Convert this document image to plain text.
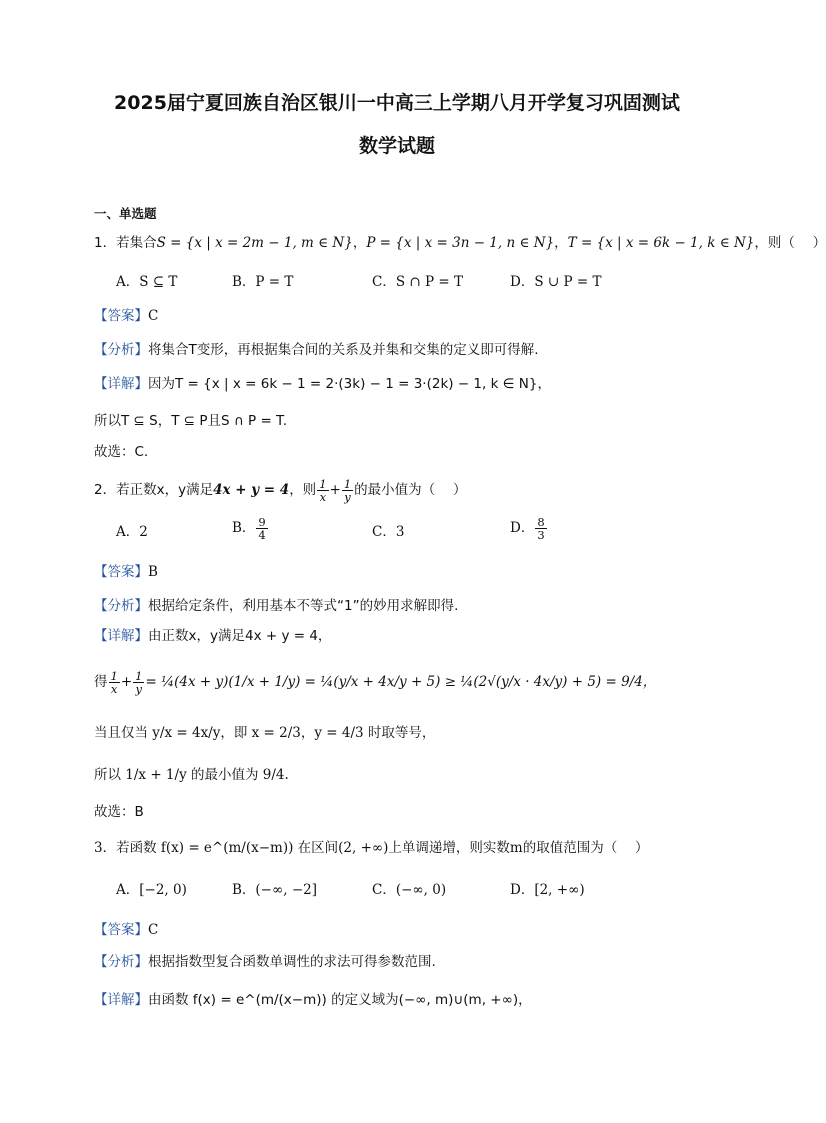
2025届宁夏回族自治区银川一中高三上学期八月开学复习巩固测试
数学试题
一、单选题
1．若集合S = {x | x = 2m − 1, m ∈ N}，P = {x | x = 3n − 1, n ∈ N}，T = {x | x = 6k − 1, k ∈ N}，则（　 ）
A．S ⊆ T	B．P = T	C．S ∩ P = T	D．S ∪ P = T
【答案】C
【分析】将集合T变形，再根据集合间的关系及并集和交集的定义即可得解.
【详解】因为T = {x | x = 6k − 1 = 2·(3k) − 1 = 3·(2k) − 1, k ∈ N}，
所以T ⊆ S，T ⊆ P且S ∩ P = T.
故选：C.
2．若正数x，y满足4x + y = 4，则 $\frac{1}{x} + \frac{1}{y}$ 的最小值为（　 ）
A．2	B． $\frac{9}{4}$	C．3	D． $\frac{8}{3}$
【答案】B
【分析】根据给定条件，利用基本不等式“1”的妙用求解即得.
【详解】由正数x，y满足4x + y = 4，
得 $\frac{1}{x} + \frac{1}{y}$ = ¼(4x + y)(1/x + 1/y) = ¼(y/x + 4x/y + 5) ≥ ¼(2√(y/x · 4x/y) + 5) = 9/4，
当且仅当 y/x = 4x/y，即 x = 2/3，y = 4/3 时取等号，
所以 1/x + 1/y 的最小值为 9/4.
故选：B
3．若函数 f(x) = e^(m/(x−m)) 在区间(2, +∞)上单调递增，则实数m的取值范围为（　 ）
A．[−2, 0)	B．(−∞, −2]	C．(−∞, 0)	D．[2, +∞)
【答案】C
【分析】根据指数型复合函数单调性的求法可得参数范围.
【详解】由函数 f(x) = e^(m/(x−m)) 的定义域为(−∞, m)∪(m, +∞)，
